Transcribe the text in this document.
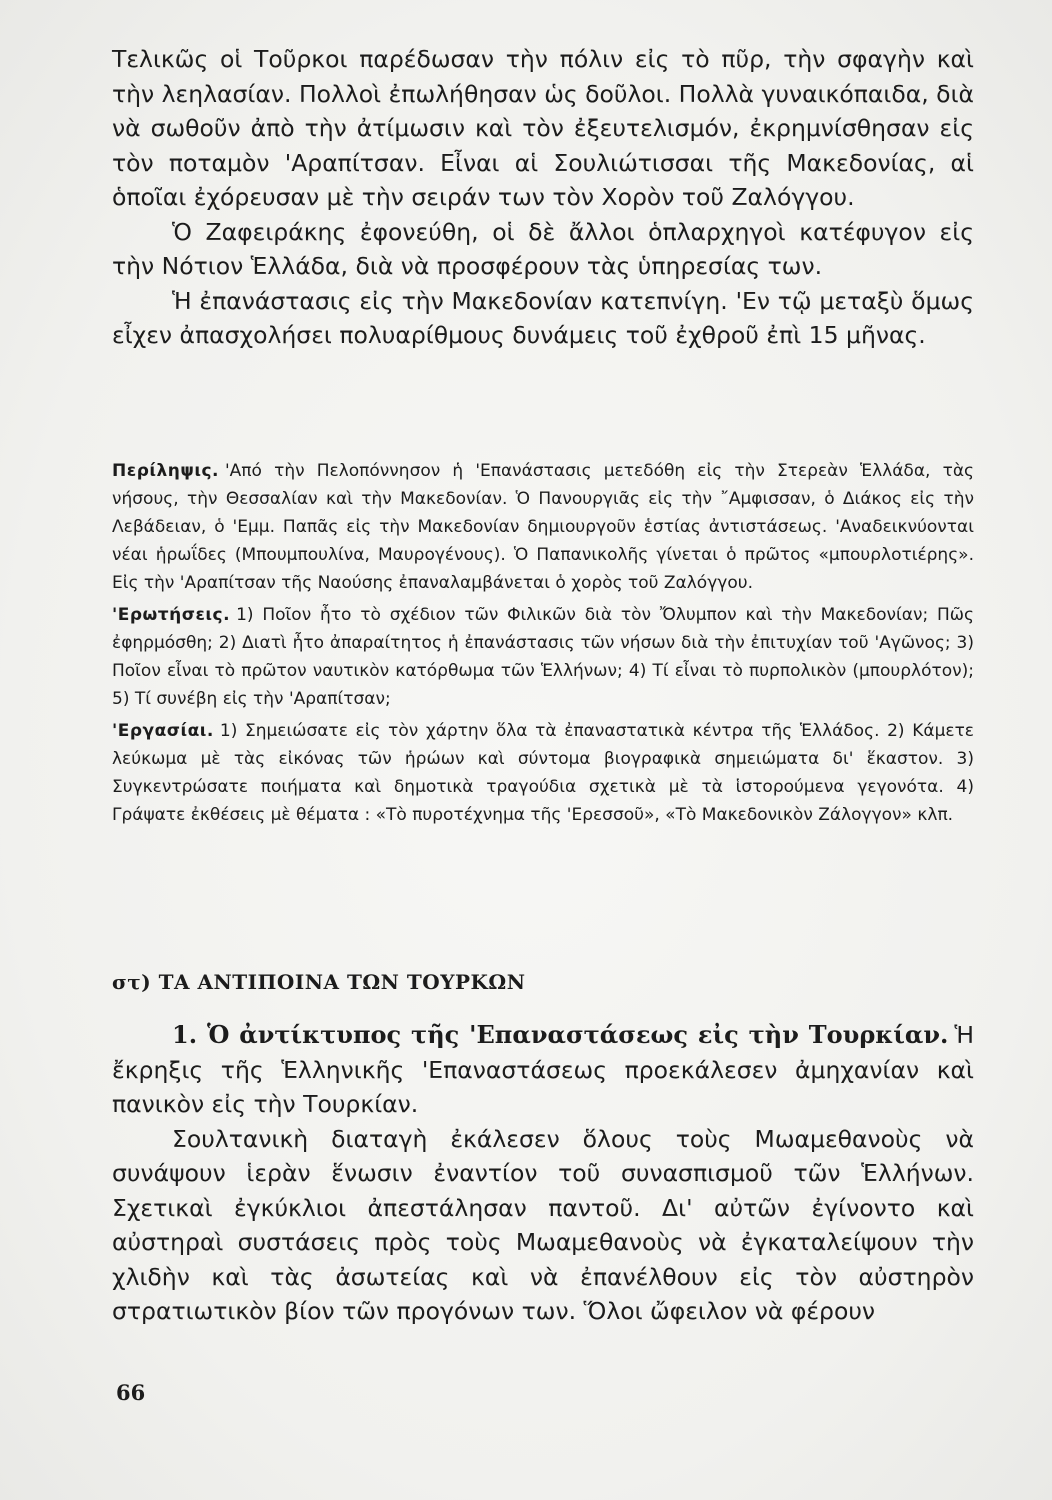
Τελικῶς οἱ Τοῦρκοι παρέδωσαν τὴν πόλιν εἰς τὸ πῦρ, τὴν σφαγὴν καὶ τὴν λεηλασίαν. Πολλοὶ ἐπωλήθησαν ὡς δοῦλοι. Πολλὰ γυναικόπαιδα, διὰ νὰ σωθοῦν ἀπὸ τὴν ἀτίμωσιν καὶ τὸν ἐξευτελισμόν, ἐκρημνίσθησαν εἰς τὸν ποταμὸν 'Αραπίτσαν. Εἶναι αἱ Σουλιώτισσαι τῆς Μακεδονίας, αἱ ὁποῖαι ἐχόρευσαν μὲ τὴν σειράν των τὸν Χορὸν τοῦ Ζαλόγγου.

Ὁ Ζαφειράκης ἐφονεύθη, οἱ δὲ ἄλλοι ὁπλαρχηγοὶ κατέφυγον εἰς τὴν Νότιον Ἑλλάδα, διὰ νὰ προσφέρουν τὰς ὑπηρεσίας των.

Ἡ ἐπανάστασις εἰς τὴν Μακεδονίαν κατεπνίγη. 'Εν τῷ μεταξὺ ὅμως εἶχεν ἀπασχολήσει πολυαρίθμους δυνάμεις τοῦ ἐχθροῦ ἐπὶ 15 μῆνας.

Περίληψις. 'Από τὴν Πελοπόννησον ἡ 'Επανάστασις μετεδόθη εἰς τὴν Στερεὰν Ἑλλάδα, τὰς νήσους, τὴν Θεσσαλίαν καὶ τὴν Μακεδονίαν. Ὁ Πανουργιᾶς εἰς τὴν ῎Αμφισσαν, ὁ Διάκος εἰς τὴν Λεβάδειαν, ὁ 'Εμμ. Παπᾶς εἰς τὴν Μακεδονίαν δημιουργοῦν ἑστίας ἀντιστάσεως. 'Αναδεικνύονται νέαι ἡρωΐδες (Μπουμπουλίνα, Μαυρογένους). Ὁ Παπανικολῆς γίνεται ὁ πρῶτος «μπουρλοτιέρης». Εἰς τὴν 'Αραπίτσαν τῆς Ναούσης ἐπαναλαμβάνεται ὁ χορὸς τοῦ Ζαλόγγου.

'Ερωτήσεις. 1) Ποῖον ἦτο τὸ σχέδιον τῶν Φιλικῶν διὰ τὸν Ὄλυμπον καὶ τὴν Μακεδονίαν; Πῶς ἐφηρμόσθη; 2) Διατὶ ἦτο ἀπαραίτητος ἡ ἐπανάστασις τῶν νήσων διὰ τὴν ἐπιτυχίαν τοῦ 'Αγῶνος; 3) Ποῖον εἶναι τὸ πρῶτον ναυτικὸν κατόρθωμα τῶν Ἑλλήνων; 4) Τί εἶναι τὸ πυρπολικὸν (μπουρλότον); 5) Τί συνέβη εἰς τὴν 'Αραπίτσαν;

'Εργασίαι. 1) Σημειώσατε εἰς τὸν χάρτην ὅλα τὰ ἐπαναστατικὰ κέντρα τῆς Ἑλλάδος. 2) Κάμετε λεύκωμα μὲ τὰς εἰκόνας τῶν ἡρώων καὶ σύντομα βιογραφικὰ σημειώματα δι' ἕκαστον. 3) Συγκεντρώσατε ποιήματα καὶ δημοτικὰ τραγούδια σχετικὰ μὲ τὰ ἱστορούμενα γεγονότα. 4) Γράψατε ἐκθέσεις μὲ θέματα : «Τὸ πυροτέχνημα τῆς 'Ερεσσοῦ», «Τὸ Μακεδονικὸν Ζάλογγον» κλπ.

στ) ΤΑ ΑΝΤΙΠΟΙΝΑ ΤΩΝ ΤΟΥΡΚΩΝ

1. Ὁ ἀντίκτυπος τῆς 'Επαναστάσεως εἰς τὴν Τουρκίαν. Ἡ ἔκρηξις τῆς Ἑλληνικῆς 'Επαναστάσεως προεκάλεσεν ἀμηχανίαν καὶ πανικὸν εἰς τὴν Τουρκίαν.

Σουλτανικὴ διαταγὴ ἐκάλεσεν ὅλους τοὺς Μωαμεθανοὺς νὰ συνάψουν ἱερὰν ἕνωσιν ἐναντίον τοῦ συνασπισμοῦ τῶν Ἑλλήνων. Σχετικαὶ ἐγκύκλιοι ἀπεστάλησαν παντοῦ. Δι' αὐτῶν ἐγίνοντο καὶ αὐστηραὶ συστάσεις πρὸς τοὺς Μωαμεθανοὺς νὰ ἐγκαταλείψουν τὴν χλιδὴν καὶ τὰς ἀσωτείας καὶ νὰ ἐπανέλθουν εἰς τὸν αὐστηρὸν στρατιωτικὸν βίον τῶν προγόνων των. Ὅλοι ὤφειλον νὰ φέρουν

66
